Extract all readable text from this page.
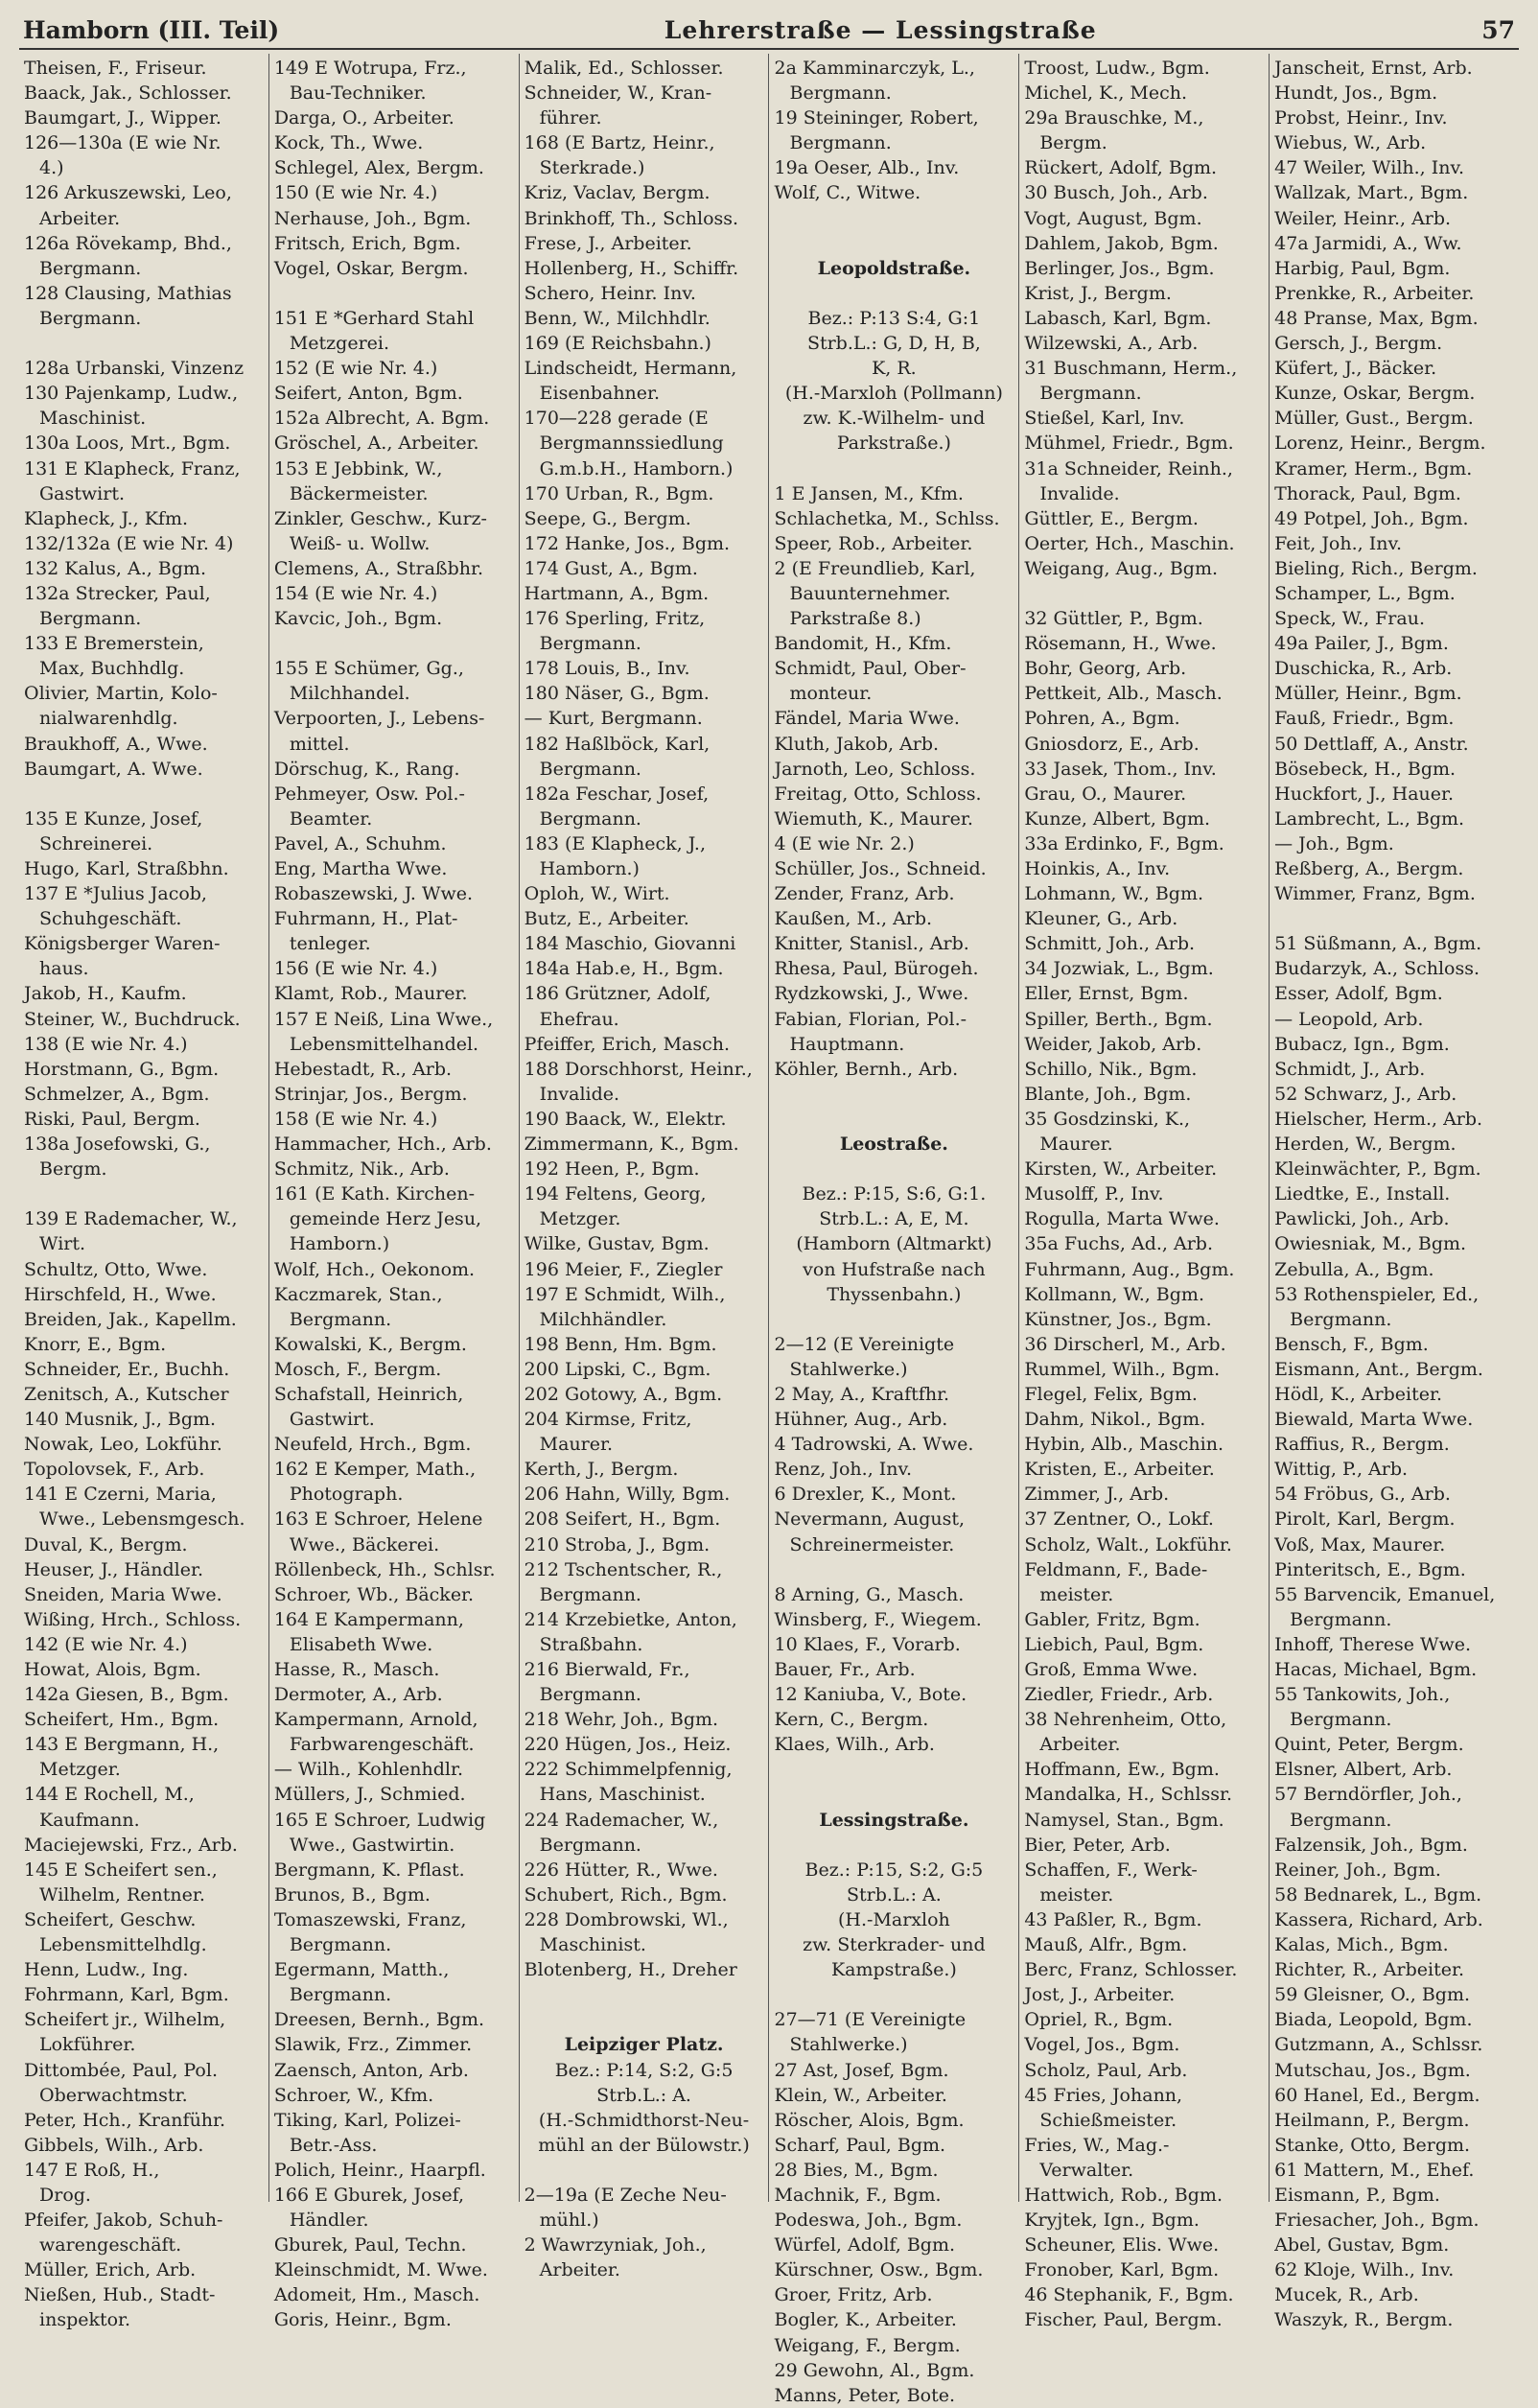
Hamborn (III. Teil)	Lehrerstraße — Lessingstraße	57
Theisen, F., Friseur.
Baack, Jak., Schlosser.
Baumgart, J., Wipper.
126—130a (E wie Nr.
4.)
126 Arkuszewski, Leo,
Arbeiter.
126a Rövekamp, Bhd.,
Bergmann.
128 Clausing, Mathias
Bergmann.
128a Urbanski, Vinzenz
130 Pajenkamp, Ludw.,
Maschinist.
130a Loos, Mrt., Bgm.
131 E Klapheck, Franz,
Gastwirt.
Klapheck, J., Kfm.
132/132a (E wie Nr. 4)
132 Kalus, A., Bgm.
132a Strecker, Paul,
Bergmann.
133 E Bremerstein,
Max, Buchhdlg.
Olivier, Martin, Kolo-
nialwarenhdlg.
Braukhoff, A., Wwe.
Baumgart, A. Wwe.
135 E Kunze, Josef,
Schreinerei.
Hugo, Karl, Straßbhn.
137 E *Julius Jacob,
Schuhgeschäft.
Königsberger Waren-
haus.
Jakob, H., Kaufm.
Steiner, W., Buchdruck.
138 (E wie Nr. 4.)
Horstmann, G., Bgm.
Schmelzer, A., Bgm.
Riski, Paul, Bergm.
138a Josefowski, G.,
Bergm.
139 E Rademacher, W.,
Wirt.
Schultz, Otto, Wwe.
Hirschfeld, H., Wwe.
Breiden, Jak., Kapellm.
Knorr, E., Bgm.
Schneider, Er., Buchh.
Zenitsch, A., Kutscher
140 Musnik, J., Bgm.
Nowak, Leo, Lokführ.
Topolovsek, F., Arb.
141 E Czerni, Maria,
Wwe., Lebensmgesch.
Duval, K., Bergm.
Heuser, J., Händler.
Sneiden, Maria Wwe.
Wißing, Hrch., Schloss.
142 (E wie Nr. 4.)
Howat, Alois, Bgm.
142a Giesen, B., Bgm.
Scheifert, Hm., Bgm.
143 E Bergmann, H.,
Metzger.
144 E Rochell, M.,
Kaufmann.
Maciejewski, Frz., Arb.
145 E Scheifert sen.,
Wilhelm, Rentner.
Scheifert, Geschw.
Lebensmittelhdlg.
Henn, Ludw., Ing.
Fohrmann, Karl, Bgm.
Scheifert jr., Wilhelm,
Lokführer.
Dittombée, Paul, Pol.
Oberwachtmstr.
Peter, Hch., Kranführ.
Gibbels, Wilh., Arb.
147 E Roß, H.,
Drog.
Pfeifer, Jakob, Schuh-
warengeschäft.
Müller, Erich, Arb.
Nießen, Hub., Stadt-
inspektor.
149 E Wotrupa, Frz.,
Bau-Techniker.
Darga, O., Arbeiter.
Kock, Th., Wwe.
Schlegel, Alex, Bergm.
150 (E wie Nr. 4.)
Nerhause, Joh., Bgm.
Fritsch, Erich, Bgm.
Vogel, Oskar, Bergm.
151 E *Gerhard Stahl
Metzgerei.
152 (E wie Nr. 4.)
Seifert, Anton, Bgm.
152a Albrecht, A. Bgm.
Gröschel, A., Arbeiter.
153 E Jebbink, W.,
Bäckermeister.
Zinkler, Geschw., Kurz-
Weiß- u. Wollw.
Clemens, A., Straßbhr.
154 (E wie Nr. 4.)
Kavcic, Joh., Bgm.
155 E Schümer, Gg.,
Milchhandel.
Verpoorten, J., Lebens-
mittel.
Dörschug, K., Rang.
Pehmeyer, Osw. Pol.-
Beamter.
Pavel, A., Schuhm.
Eng, Martha Wwe.
Robaszewski, J. Wwe.
Fuhrmann, H., Plat-
tenleger.
156 (E wie Nr. 4.)
Klamt, Rob., Maurer.
157 E Neiß, Lina Wwe.,
Lebensmittelhandel.
Hebestadt, R., Arb.
Strinjar, Jos., Bergm.
158 (E wie Nr. 4.)
Hammacher, Hch., Arb.
Schmitz, Nik., Arb.
161 (E Kath. Kirchen-
gemeinde Herz Jesu,
Hamborn.)
Wolf, Hch., Oekonom.
Kaczmarek, Stan.,
Bergmann.
Kowalski, K., Bergm.
Mosch, F., Bergm.
Schafstall, Heinrich,
Gastwirt.
Neufeld, Hrch., Bgm.
162 E Kemper, Math.,
Photograph.
163 E Schroer, Helene
Wwe., Bäckerei.
Röllenbeck, Hh., Schlsr.
Schroer, Wb., Bäcker.
164 E Kampermann,
Elisabeth Wwe.
Hasse, R., Masch.
Dermoter, A., Arb.
Kampermann, Arnold,
Farbwarengeschäft.
— Wilh., Kohlenhdlr.
Müllers, J., Schmied.
165 E Schroer, Ludwig
Wwe., Gastwirtin.
Bergmann, K. Pflast.
Brunos, B., Bgm.
Tomaszewski, Franz,
Bergmann.
Egermann, Matth.,
Bergmann.
Dreesen, Bernh., Bgm.
Slawik, Frz., Zimmer.
Zaensch, Anton, Arb.
Schroer, W., Kfm.
Tiking, Karl, Polizei-
Betr.-Ass.
Polich, Heinr., Haarpfl.
166 E Gburek, Josef,
Händler.
Gburek, Paul, Techn.
Kleinschmidt, M. Wwe.
Adomeit, Hm., Masch.
Goris, Heinr., Bgm.
Malik, Ed., Schlosser.
Schneider, W., Kran-
führer.
168 (E Bartz, Heinr.,
Sterkrade.)
Kriz, Vaclav, Bergm.
Brinkhoff, Th., Schloss.
Frese, J., Arbeiter.
Hollenberg, H., Schiffr.
Schero, Heinr. Inv.
Benn, W., Milchhdlr.
169 (E Reichsbahn.)
Lindscheidt, Hermann,
Eisenbahner.
170—228 gerade (E
Bergmannssiedlung
G.m.b.H., Hamborn.)
170 Urban, R., Bgm.
Seepe, G., Bergm.
172 Hanke, Jos., Bgm.
174 Gust, A., Bgm.
Hartmann, A., Bgm.
176 Sperling, Fritz,
Bergmann.
178 Louis, B., Inv.
180 Näser, G., Bgm.
— Kurt, Bergmann.
182 Haßlböck, Karl,
Bergmann.
182a Feschar, Josef,
Bergmann.
183 (E Klapheck, J.,
Hamborn.)
Oploh, W., Wirt.
Butz, E., Arbeiter.
184 Maschio, Giovanni
184a Hab.e, H., Bgm.
186 Grützner, Adolf,
Ehefrau.
Pfeiffer, Erich, Masch.
188 Dorschhorst, Heinr.,
Invalide.
190 Baack, W., Elektr.
Zimmermann, K., Bgm.
192 Heen, P., Bgm.
194 Feltens, Georg,
Metzger.
Wilke, Gustav, Bgm.
196 Meier, F., Ziegler
197 E Schmidt, Wilh.,
Milchhändler.
198 Benn, Hm. Bgm.
200 Lipski, C., Bgm.
202 Gotowy, A., Bgm.
204 Kirmse, Fritz,
Maurer.
Kerth, J., Bergm.
206 Hahn, Willy, Bgm.
208 Seifert, H., Bgm.
210 Stroba, J., Bgm.
212 Tschentscher, R.,
Bergmann.
214 Krzebietke, Anton,
Straßbahn.
216 Bierwald, Fr.,
Bergmann.
218 Wehr, Joh., Bgm.
220 Hügen, Jos., Heiz.
222 Schimmelpfennig,
Hans, Maschinist.
224 Rademacher, W.,
Bergmann.
226 Hütter, R., Wwe.
Schubert, Rich., Bgm.
228 Dombrowski, Wl.,
Maschinist.
Blotenberg, H., Dreher
Leipziger Platz.
Bez.: P:14, S:2, G:5
Strb.L.: A.
(H.-Schmidthorst-Neu-
mühl an der Bülowstr.)
2—19a (E Zeche Neu-
mühl.)
2 Wawrzyniak, Joh.,
Arbeiter.
2a Kamminarczyk, L.,
Bergmann.
19 Steininger, Robert,
Bergmann.
19a Oeser, Alb., Inv.
Wolf, C., Witwe.
Leopoldstraße.
Bez.: P:13 S:4, G:1
Strb.L.: G, D, H, B,
K, R.
(H.-Marxloh (Pollmann)
zw. K.-Wilhelm- und
Parkstraße.)
1 E Jansen, M., Kfm.
Schlachetka, M., Schlss.
Speer, Rob., Arbeiter.
2 (E Freundlieb, Karl,
Bauunternehmer.
Parkstraße 8.)
Bandomit, H., Kfm.
Schmidt, Paul, Ober-
monteur.
Fändel, Maria Wwe.
Kluth, Jakob, Arb.
Jarnoth, Leo, Schloss.
Freitag, Otto, Schloss.
Wiemuth, K., Maurer.
4 (E wie Nr. 2.)
Schüller, Jos., Schneid.
Zender, Franz, Arb.
Kaußen, M., Arb.
Knitter, Stanisl., Arb.
Rhesa, Paul, Bürogeh.
Rydzkowski, J., Wwe.
Fabian, Florian, Pol.-
Hauptmann.
Köhler, Bernh., Arb.
Leostraße.
Bez.: P:15, S:6, G:1.
Strb.L.: A, E, M.
(Hamborn (Altmarkt)
von Hufstraße nach
Thyssenbahn.)
2—12 (E Vereinigte
Stahlwerke.)
2 May, A., Kraftfhr.
Hühner, Aug., Arb.
4 Tadrowski, A. Wwe.
Renz, Joh., Inv.
6 Drexler, K., Mont.
Nevermann, August,
Schreinermeister.
8 Arning, G., Masch.
Winsberg, F., Wiegem.
10 Klaes, F., Vorarb.
Bauer, Fr., Arb.
12 Kaniuba, V., Bote.
Kern, C., Bergm.
Klaes, Wilh., Arb.
Lessingstraße.
Bez.: P:15, S:2, G:5
Strb.L.: A.
(H.-Marxloh
zw. Sterkrader- und
Kampstraße.)
27—71 (E Vereinigte
Stahlwerke.)
27 Ast, Josef, Bgm.
Klein, W., Arbeiter.
Röscher, Alois, Bgm.
Scharf, Paul, Bgm.
28 Bies, M., Bgm.
Machnik, F., Bgm.
Podeswa, Joh., Bgm.
Würfel, Adolf, Bgm.
Kürschner, Osw., Bgm.
Groer, Fritz, Arb.
Bogler, K., Arbeiter.
Weigang, F., Bergm.
29 Gewohn, Al., Bgm.
Manns, Peter, Bote.
Troost, Ludw., Bgm.
Michel, K., Mech.
29a Brauschke, M.,
Bergm.
Rückert, Adolf, Bgm.
30 Busch, Joh., Arb.
Vogt, August, Bgm.
Dahlem, Jakob, Bgm.
Berlinger, Jos., Bgm.
Krist, J., Bergm.
Labasch, Karl, Bgm.
Wilzewski, A., Arb.
31 Buschmann, Herm.,
Bergmann.
Stießel, Karl, Inv.
Mühmel, Friedr., Bgm.
31a Schneider, Reinh.,
Invalide.
Güttler, E., Bergm.
Oerter, Hch., Maschin.
Weigang, Aug., Bgm.
32 Güttler, P., Bgm.
Rösemann, H., Wwe.
Bohr, Georg, Arb.
Pettkeit, Alb., Masch.
Pohren, A., Bgm.
Gniosdorz, E., Arb.
33 Jasek, Thom., Inv.
Grau, O., Maurer.
Kunze, Albert, Bgm.
33a Erdinko, F., Bgm.
Hoinkis, A., Inv.
Lohmann, W., Bgm.
Kleuner, G., Arb.
Schmitt, Joh., Arb.
34 Jozwiak, L., Bgm.
Eller, Ernst, Bgm.
Spiller, Berth., Bgm.
Weider, Jakob, Arb.
Schillo, Nik., Bgm.
Blante, Joh., Bgm.
35 Gosdzinski, K.,
Maurer.
Kirsten, W., Arbeiter.
Musolff, P., Inv.
Rogulla, Marta Wwe.
35a Fuchs, Ad., Arb.
Fuhrmann, Aug., Bgm.
Kollmann, W., Bgm.
Künstner, Jos., Bgm.
36 Dirscherl, M., Arb.
Rummel, Wilh., Bgm.
Flegel, Felix, Bgm.
Dahm, Nikol., Bgm.
Hybin, Alb., Maschin.
Kristen, E., Arbeiter.
Zimmer, J., Arb.
37 Zentner, O., Lokf.
Scholz, Walt., Lokführ.
Feldmann, F., Bade-
meister.
Gabler, Fritz, Bgm.
Liebich, Paul, Bgm.
Groß, Emma Wwe.
Ziedler, Friedr., Arb.
38 Nehrenheim, Otto,
Arbeiter.
Hoffmann, Ew., Bgm.
Mandalka, H., Schlssr.
Namysel, Stan., Bgm.
Bier, Peter, Arb.
Schaffen, F., Werk-
meister.
43 Paßler, R., Bgm.
Mauß, Alfr., Bgm.
Berc, Franz, Schlosser.
Jost, J., Arbeiter.
Opriel, R., Bgm.
Vogel, Jos., Bgm.
Scholz, Paul, Arb.
45 Fries, Johann,
Schießmeister.
Fries, W., Mag.-
Verwalter.
Hattwich, Rob., Bgm.
Kryjtek, Ign., Bgm.
Scheuner, Elis. Wwe.
Fronober, Karl, Bgm.
46 Stephanik, F., Bgm.
Fischer, Paul, Bergm.
Janscheit, Ernst, Arb.
Hundt, Jos., Bgm.
Probst, Heinr., Inv.
Wiebus, W., Arb.
47 Weiler, Wilh., Inv.
Wallzak, Mart., Bgm.
Weiler, Heinr., Arb.
47a Jarmidi, A., Ww.
Harbig, Paul, Bgm.
Prenkke, R., Arbeiter.
48 Pranse, Max, Bgm.
Gersch, J., Bergm.
Küfert, J., Bäcker.
Kunze, Oskar, Bergm.
Müller, Gust., Bergm.
Lorenz, Heinr., Bergm.
Kramer, Herm., Bgm.
Thorack, Paul, Bgm.
49 Potpel, Joh., Bgm.
Feit, Joh., Inv.
Bieling, Rich., Bergm.
Schamper, L., Bgm.
Speck, W., Frau.
49a Pailer, J., Bgm.
Duschicka, R., Arb.
Müller, Heinr., Bgm.
Fauß, Friedr., Bgm.
50 Dettlaff, A., Anstr.
Bösebeck, H., Bgm.
Huckfort, J., Hauer.
Lambrecht, L., Bgm.
— Joh., Bgm.
Reßberg, A., Bergm.
Wimmer, Franz, Bgm.
51 Süßmann, A., Bgm.
Budarzyk, A., Schloss.
Esser, Adolf, Bgm.
— Leopold, Arb.
Bubacz, Ign., Bgm.
Schmidt, J., Arb.
52 Schwarz, J., Arb.
Hielscher, Herm., Arb.
Herden, W., Bergm.
Kleinwächter, P., Bgm.
Liedtke, E., Install.
Pawlicki, Joh., Arb.
Owiesniak, M., Bgm.
Zebulla, A., Bgm.
53 Rothenspieler, Ed.,
Bergmann.
Bensch, F., Bgm.
Eismann, Ant., Bergm.
Hödl, K., Arbeiter.
Biewald, Marta Wwe.
Raffius, R., Bergm.
Wittig, P., Arb.
54 Fröbus, G., Arb.
Pirolt, Karl, Bergm.
Voß, Max, Maurer.
Pinteritsch, E., Bgm.
55 Barvencik, Emanuel,
Bergmann.
Inhoff, Therese Wwe.
Hacas, Michael, Bgm.
55 Tankowits, Joh.,
Bergmann.
Quint, Peter, Bergm.
Elsner, Albert, Arb.
57 Berndörfler, Joh.,
Bergmann.
Falzensik, Joh., Bgm.
Reiner, Joh., Bgm.
58 Bednarek, L., Bgm.
Kassera, Richard, Arb.
Kalas, Mich., Bgm.
Richter, R., Arbeiter.
59 Gleisner, O., Bgm.
Biada, Leopold, Bgm.
Gutzmann, A., Schlssr.
Mutschau, Jos., Bgm.
60 Hanel, Ed., Bergm.
Heilmann, P., Bergm.
Stanke, Otto, Bergm.
61 Mattern, M., Ehef.
Eismann, P., Bgm.
Friesacher, Joh., Bgm.
Abel, Gustav, Bgm.
62 Kloje, Wilh., Inv.
Mucek, R., Arb.
Waszyk, R., Bergm.
